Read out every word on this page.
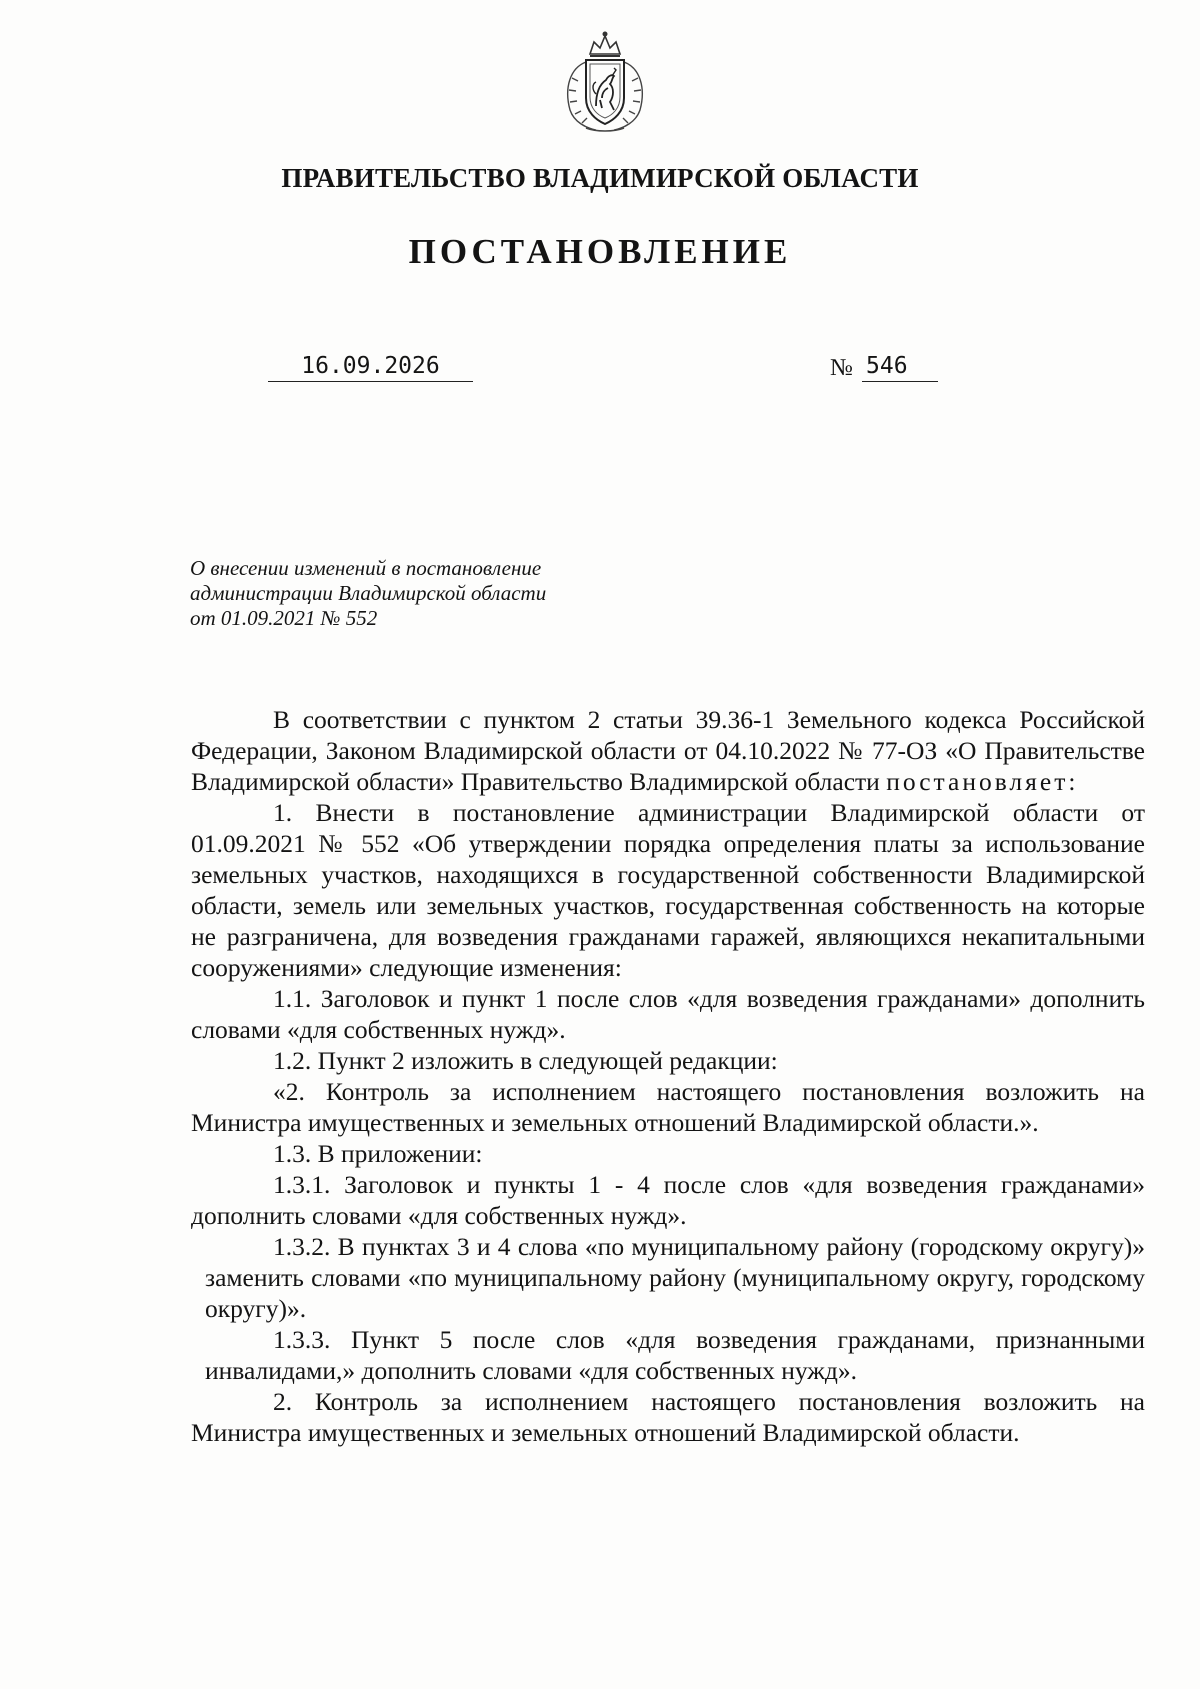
ПРАВИТЕЛЬСТВО ВЛАДИМИРСКОЙ ОБЛАСТИ
ПОСТАНОВЛЕНИЕ
16.09.2026	№ 546
О внесении изменений в постановление
администрации Владимирской области
от 01.09.2021 № 552

В соответствии с пунктом 2 статьи 39.36-1 Земельного кодекса Российской Федерации, Законом Владимирской области от 04.10.2022 № 77-ОЗ «О Правительстве Владимирской области» Правительство Владимирской области постановляет:

1. Внести в постановление администрации Владимирской области от 01.09.2021 № 552 «Об утверждении порядка определения платы за использование земельных участков, находящихся в государственной собственности Владимирской области, земель или земельных участков, государственная собственность на которые не разграничена, для возведения гражданами гаражей, являющихся некапитальными сооружениями» следующие изменения:

1.1. Заголовок и пункт 1 после слов «для возведения гражданами» дополнить словами «для собственных нужд».

1.2. Пункт 2 изложить в следующей редакции:

«2. Контроль за исполнением настоящего постановления возложить на Министра имущественных и земельных отношений Владимирской области.».

1.3. В приложении:

1.3.1. Заголовок и пункты 1 - 4 после слов «для возведения гражданами» дополнить словами «для собственных нужд».

1.3.2. В пунктах 3 и 4 слова «по муниципальному району (городскому округу)» заменить словами «по муниципальному району (муниципальному округу, городскому округу)».

1.3.3. Пункт 5 после слов «для возведения гражданами, признанными инвалидами,» дополнить словами «для собственных нужд».

2. Контроль за исполнением настоящего постановления возложить на Министра имущественных и земельных отношений Владимирской области.
